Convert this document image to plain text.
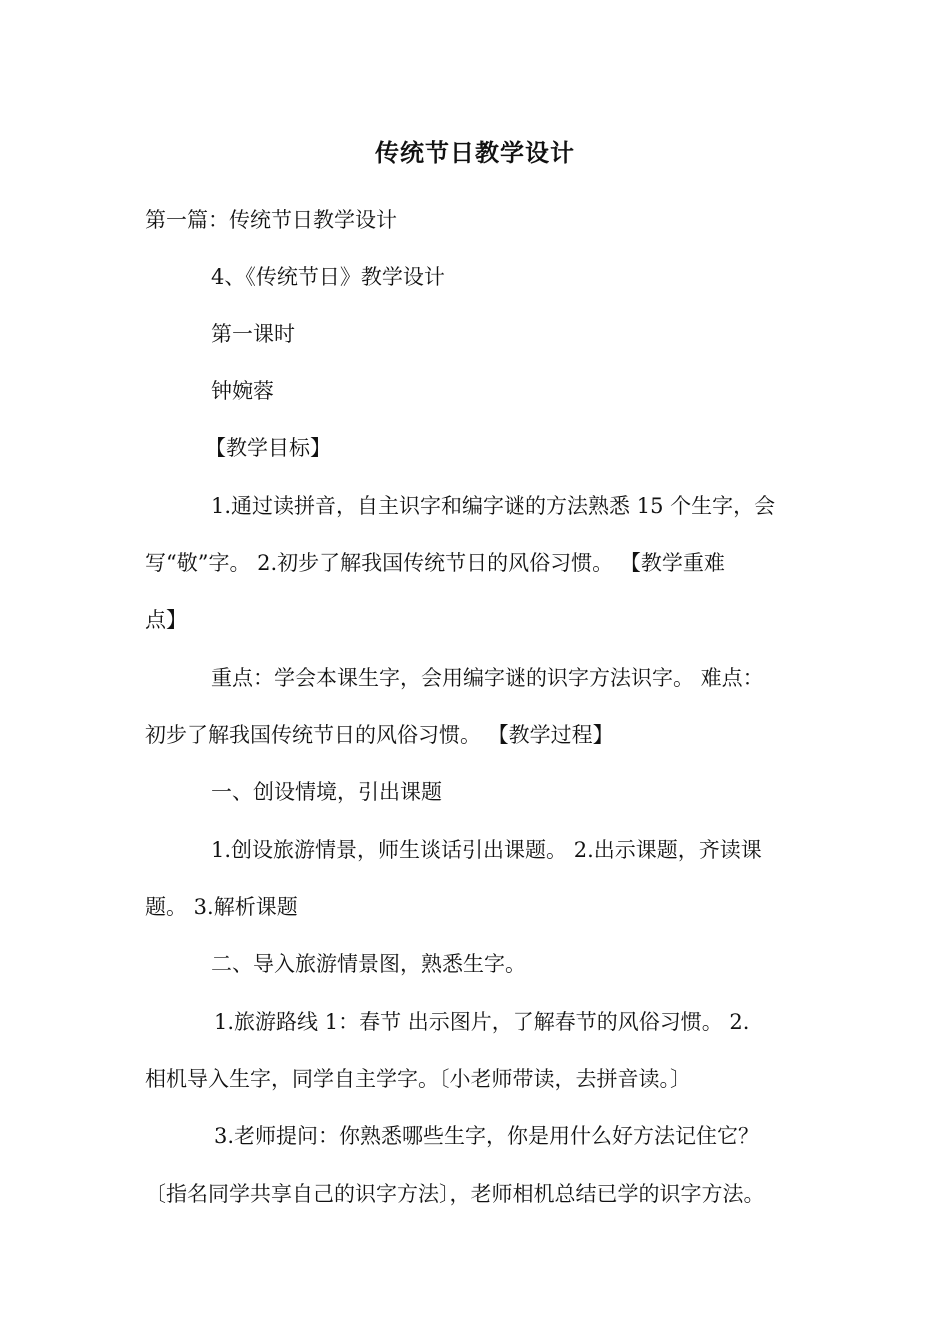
传统节日教学设计
第一篇：传统节日教学设计
4、《传统节日》教学设计
第一课时
钟婉蓉
【教学目标】
1.通过读拼音，自主识字和编字谜的方法熟悉 15 个生字，会
写“敬”字。 2.初步了解我国传统节日的风俗习惯。 【教学重难
点】
重点：学会本课生字，会用编字谜的识字方法识字。 难点：
初步了解我国传统节日的风俗习惯。 【教学过程】
一、创设情境，引出课题
1.创设旅游情景，师生谈话引出课题。 2.出示课题，齐读课
题。 3.解析课题
二、导入旅游情景图，熟悉生字。
1.旅游路线 1：春节 出示图片，了解春节的风俗习惯。 2.
相机导入生字，同学自主学字。〔小老师带读，去拼音读。〕
3.老师提问：你熟悉哪些生字，你是用什么好方法记住它？
〔指名同学共享自己的识字方法〕，老师相机总结已学的识字方法。
